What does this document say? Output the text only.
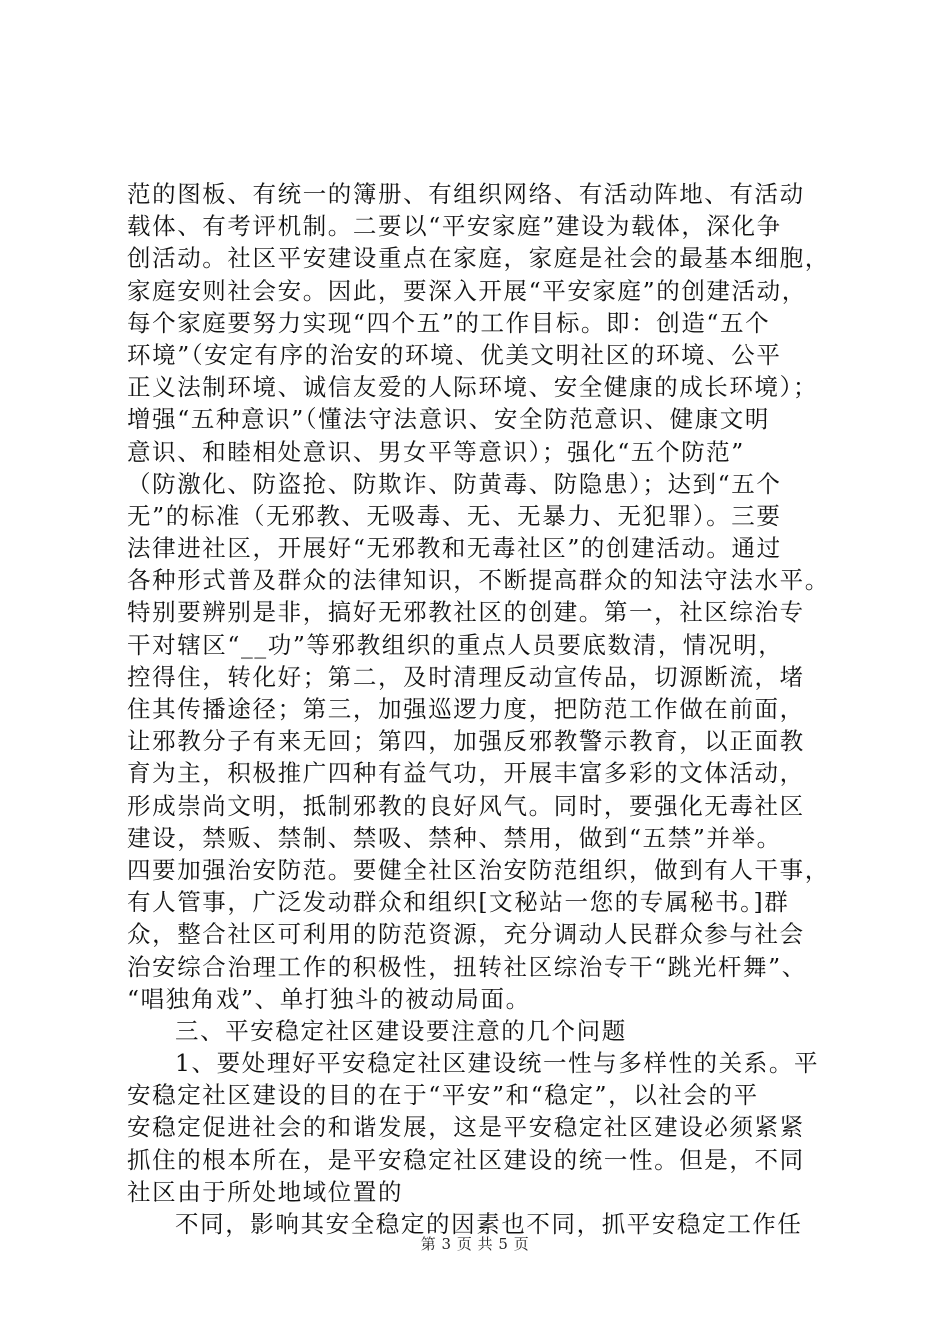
范的图板、有统一的簿册、有组织网络、有活动阵地、有活动
载体、有考评机制。二要以“平安家庭”建设为载体，深化争
创活动。社区平安建设重点在家庭，家庭是社会的最基本细胞，
家庭安则社会安。因此，要深入开展“平安家庭”的创建活动，
每个家庭要努力实现“四个五”的工作目标。即：创造“五个
环境”（安定有序的治安的环境、优美文明社区的环境、公平
正义法制环境、诚信友爱的人际环境、安全健康的成长环境）；
增强“五种意识”（懂法守法意识、安全防范意识、健康文明
意识、和睦相处意识、男女平等意识）；强化“五个防范”
（防激化、防盗抢、防欺诈、防黄毒、防隐患）；达到“五个
无”的标准（无邪教、无吸毒、无、无暴力、无犯罪）。三要
法律进社区，开展好“无邪教和无毒社区”的创建活动。通过
各种形式普及群众的法律知识，不断提高群众的知法守法水平。
特别要辨别是非，搞好无邪教社区的创建。第一，社区综治专
干对辖区“__功”等邪教组织的重点人员要底数清，情况明，
控得住，转化好；第二，及时清理反动宣传品，切源断流，堵
住其传播途径；第三，加强巡逻力度，把防范工作做在前面，
让邪教分子有来无回；第四，加强反邪教警示教育，以正面教
育为主，积极推广四种有益气功，开展丰富多彩的文体活动，
形成崇尚文明，抵制邪教的良好风气。同时，要强化无毒社区
建设，禁贩、禁制、禁吸、禁种、禁用，做到“五禁”并举。
四要加强治安防范。要健全社区治安防范组织，做到有人干事，
有人管事，广泛发动群众和组织[文秘站一您的专属秘书。]群
众，整合社区可利用的防范资源，充分调动人民群众参与社会
治安综合治理工作的积极性，扭转社区综治专干“跳光杆舞”、
“唱独角戏”、单打独斗的被动局面。
三、平安稳定社区建设要注意的几个问题
1、要处理好平安稳定社区建设统一性与多样性的关系。平
安稳定社区建设的目的在于“平安”和“稳定”，以社会的平
安稳定促进社会的和谐发展，这是平安稳定社区建设必须紧紧
抓住的根本所在，是平安稳定社区建设的统一性。但是，不同
社区由于所处地域位置的
不同，影响其安全稳定的因素也不同，抓平安稳定工作任
第 3 页 共 5 页
